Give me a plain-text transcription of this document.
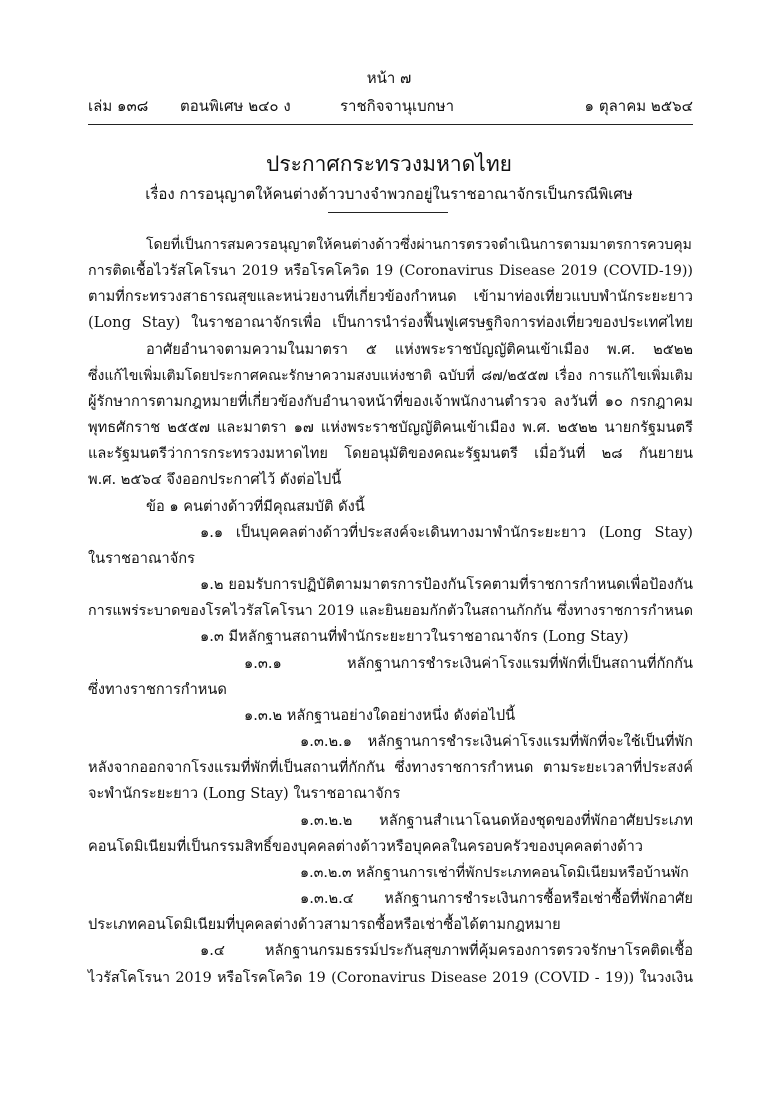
หน้า ๗
เล่ม ๑๓๘ ตอนพิเศษ ๒๔๐ ง	ราชกิจจานุเบกษา	๑ ตุลาคม ๒๕๖๔
ประกาศกระทรวงมหาดไทย
เรื่อง การอนุญาตให้คนต่างด้าวบางจำพวกอยู่ในราชอาณาจักรเป็นกรณีพิเศษ
โดยที่เป็นการสมควรอนุญาตให้คนต่างด้าวซึ่งผ่านการตรวจดำเนินการตามมาตรการควบคุม
การติดเชื้อไวรัสโคโรนา 2019 หรือโรคโควิด 19 (Coronavirus Disease 2019 (COVID-19))
ตามที่กระทรวงสาธารณสุขและหน่วยงานที่เกี่ยวข้องกำหนด เข้ามาท่องเที่ยวแบบพำนักระยะยาว
(Long Stay) ในราชอาณาจักรเพื่อ เป็นการนำร่องฟื้นฟูเศรษฐกิจการท่องเที่ยวของประเทศไทย
อาศัยอำนาจตามความในมาตรา ๕ แห่งพระราชบัญญัติคนเข้าเมือง พ.ศ. ๒๕๒๒
ซึ่งแก้ไขเพิ่มเติมโดยประกาศคณะรักษาความสงบแห่งชาติ ฉบับที่ ๘๗/๒๕๕๗ เรื่อง การแก้ไขเพิ่มเติม
ผู้รักษาการตามกฎหมายที่เกี่ยวข้องกับอำนาจหน้าที่ของเจ้าพนักงานตำรวจ ลงวันที่ ๑๐ กรกฎาคม
พุทธศักราช ๒๕๕๗ และมาตรา ๑๗ แห่งพระราชบัญญัติคนเข้าเมือง พ.ศ. ๒๕๒๒ นายกรัฐมนตรี
และรัฐมนตรีว่าการกระทรวงมหาดไทย โดยอนุมัติของคณะรัฐมนตรี เมื่อวันที่ ๒๘ กันยายน
พ.ศ. ๒๕๖๔ จึงออกประกาศไว้ ดังต่อไปนี้
ข้อ ๑ คนต่างด้าวที่มีคุณสมบัติ ดังนี้
๑.๑ เป็นบุคคลต่างด้าวที่ประสงค์จะเดินทางมาพำนักระยะยาว (Long Stay)
ในราชอาณาจักร
๑.๒ ยอมรับการปฏิบัติตามมาตรการป้องกันโรคตามที่ราชการกำหนดเพื่อป้องกัน
การแพร่ระบาดของโรคไวรัสโคโรนา 2019 และยินยอมกักตัวในสถานกักกัน ซึ่งทางราชการกำหนด
๑.๓ มีหลักฐานสถานที่พำนักระยะยาวในราชอาณาจักร (Long Stay)
๑.๓.๑ หลักฐานการชำระเงินค่าโรงแรมที่พักที่เป็นสถานที่กักกัน
ซึ่งทางราชการกำหนด
๑.๓.๒ หลักฐานอย่างใดอย่างหนึ่ง ดังต่อไปนี้
๑.๓.๒.๑ หลักฐานการชำระเงินค่าโรงแรมที่พักที่จะใช้เป็นที่พัก
หลังจากออกจากโรงแรมที่พักที่เป็นสถานที่กักกัน ซึ่งทางราชการกำหนด ตามระยะเวลาที่ประสงค์
จะพำนักระยะยาว (Long Stay) ในราชอาณาจักร
๑.๓.๒.๒ หลักฐานสำเนาโฉนดห้องชุดของที่พักอาศัยประเภท
คอนโดมิเนียมที่เป็นกรรมสิทธิ์ของบุคคลต่างด้าวหรือบุคคลในครอบครัวของบุคคลต่างด้าว
๑.๓.๒.๓ หลักฐานการเช่าที่พักประเภทคอนโดมิเนียมหรือบ้านพัก
๑.๓.๒.๔ หลักฐานการชำระเงินการซื้อหรือเช่าซื้อที่พักอาศัย
ประเภทคอนโดมิเนียมที่บุคคลต่างด้าวสามารถซื้อหรือเช่าซื้อได้ตามกฎหมาย
๑.๔ หลักฐานกรมธรรม์ประกันสุขภาพที่คุ้มครองการตรวจรักษาโรคติดเชื้อ
ไวรัสโคโรนา 2019 หรือโรคโควิด 19 (Coronavirus Disease 2019 (COVID - 19)) ในวงเงิน
